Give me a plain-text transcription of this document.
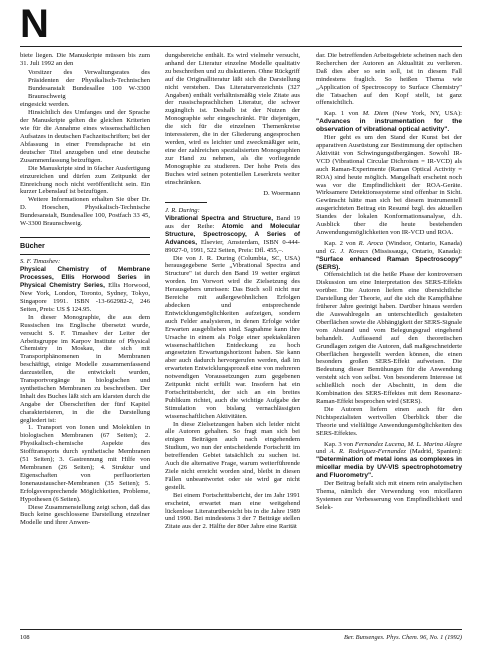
N

biete liegen. Die Manuskripte müssen bis zum 31. Juli 1992 an den

Vorsitzer des Verwaltungsrates des Präsidenten der Physikalisch-Technischen Bundesanstalt Bundesallee 100 W-3300 Braunschweig

eingesickt werden.

Hinsichtlich des Umfanges und der Sprache der Manuskripte gelten die gleichen Kriterien wie für die Annahme eines wissenschaftlichen Aufsatzes in deutschen Fachzeitschriften; bei der Abfassung in einer Fremdsprache ist ein deutscher Titel anzugeben und eine deutsche Zusammenfassung beizufügen.

Die Manuskripte sind in 6facher Ausfertigung einzureichen und dürfen zum Zeitpunkt der Einreichung noch nicht veröffentlicht sein. Ein kurzer Lebenslauf ist beizufügen.

Weitere Informationen erhalten Sie über Dr. D. Hoeschen, Physikalisch-Technische Bundesanstalt, Bundesallee 100, Postfach 33 45, W-3300 Braunschweig.

Bücher

S. F. Timashev:
Physical Chemistry of Membrane Processes, Ellis Horwood Series in Physical Chemistry Series, Ellis Horwood, New York, London, Toronto, Sydney, Tokyo, Singapore 1991. ISBN -13-662982-2, 246 Seiten, Preis: US $ 124.95.

In dieser Monographie, die aus dem Russischen ins Englische übersetzt wurde, versucht S. F. Timashev der Leiter der Arbeitsgruppe im Karpov Institute of Physical Chemistry in Moskau, die sich mit Transportphänomenen in Membranen beschäftigt, einige Modelle zusammenfassend darzustellen, die entwickelt wurden, Transportvorgänge in biologischen und synthetischen Membranen zu beschreiben. Der Inhalt des Buches läßt sich am klarsten durch die Angabe der Überschriften der fünf Kapitel charakterisieren, in die die Darstellung gegliedert ist:

1. Transport von Ionen und Molekülen in biologischen Membranen (67 Seiten); 2. Physikalisch-chemische Aspekte des Stofftransports durch synthetische Membranen (51 Seiten); 3. Gastrennung mit Hilfe von Membranen (26 Seiten); 4. Struktur und Eigenschaften von perfluorierten Ionenaustauscher-Membranen (35 Seiten); 5. Erfolgsversprechende Möglichkeiten, Probleme, Hypothesen (6 Seiten).

Diese Zusammenstellung zeigt schon, daß das Buch keine geschlossene Darstellung einzelner Modelle und ihrer Anwen-

dungsbereiche enthält. Es wird vielmehr versucht, anhand der Literatur einzelne Modelle qualitativ zu beschreiben und zu diskutieren. Ohne Rückgriff auf die Originalliteratur läßt sich die Darstellung nicht verstehen. Das Literaturverzeichnis (327 Angaben) enthält verhältnismäßig viele Zitate aus der russischsprachlichen Literatur, die schwer zugänglich ist. Deshalb ist der Nutzen der Monographie sehr eingeschränkt. Für diejenigen, die sich für die einzelnen Themenkreise interessieren, die in der Gliederung angesprochen werden, wird es leichter und zweckmäßiger sein, eine der zahlreichen spezialisierten Monographien zur Hand zu nehmen, als die vorliegende Monographie zu studieren. Der hohe Preis des Buches wird seinen potentiellen Leserkreis weiter einschränken.

D. Woermann

J. R. During:
Vibrational Spectra and Structure, Band 19 aus der Reihe: Atomic and Molecular Structure, Spectroscopy, A Series of Advances, Elsevier, Amsterdam, ISBN 0-444-89027-0, 1991, 522 Seiten, Preis: Dfl. 455,–.

Die von J. R. During (Columbia, SC, USA) herausgegebene Serie „Vibrational Spectra and Structure" ist durch den Band 19 weiter ergänzt worden. Im Vorwort wird die Zielsetzung des Herausgebers umrissen: Das Buch soll nicht nur Bereiche mit außergewöhnlichen Erfolgen abdecken und entsprechende Entwicklungsmöglichkeiten aufzeigen, sondern auch Felder analysieren, in denen Erfolge wider Erwarten ausgeblieben sind. Sagnahme kann ihre Ursache in einem als Folge einer spektakulären wissenschaftlichen Entdeckung zu hoch angesetzten Erwartungshorizont haben. Sie kann aber auch dadurch hervorgerufen werden, daß im erwarteten Entwicklungsprozeß eine von mehreren notwendigen Voraussetzungen zum gegebenen Zeitpunkt nicht erfüllt war. Insofern hat ein Fortschrittsbericht, der sich an ein breites Publikum richtet, auch die wichtige Aufgabe der Stimulation von bislang vernachlässigten wissenschaftlichen Aktivitäten.

In diese Zielsetzungen haben sich leider nicht alle Autoren gehalten. So fragt man sich bei einigen Beiträgen auch nach eingehendem Studium, wo nun der entscheidende Fortschritt im betreffenden Gebiet tatsächlich zu suchen ist. Auch die alternative Frage, warum weiterführende Ziele nicht erreicht worden sind, bleibt in diesen Fällen unbeantwortet oder sie wird gar nicht gestellt.

Bei einem Fortschrittsbericht, der im Jahr 1991 erscheint, erwartet man eine weitgehend lückenlose Literaturübersicht bis in die Jahre 1989 und 1990. Bei mindestens 3 der 7 Beiträge stellen Zitate aus der 2. Hälfte der 80er Jahre eine Rarität

dar. Die betreffenden Arbeitsgebiete scheinen nach den Recherchen der Autoren an Aktualität zu verlieren. Daß dies aber so sein soll, ist in diesem Fall mindestens fraglich. So heißen Thema wie „Application of Spectroscopy to Surface Chemistry" die Tatsachen auf den Kopf stellt, ist ganz offensichtlich.

Kap. 1 von M. Diem (New York, NY, USA): "Advances in instrumentation for the observation of vibrational optical activity".

Hier geht es um den Stand der Kunst bei der apparativen Ausrüstung zur Bestimmung der optischen Aktivität von Schwingungsübergängen. Sowohl IR-VCD (Vibrational Circular Dichroism = IR-VCD) als auch Raman-Experimente (Raman Optical Activity = ROA) sind heute möglich. Mangelhaft erscheint noch was vor die Empfindlichkeit der ROA-Geräte. Wirksamere Detektionssysteme sind offenbar in Sicht. Gewünscht hätte man sich bei diesem instrumentell ausgerichteten Beitrag ein Resumé bzgl. des aktuellen Standes der lokalen Konformationsanalyse, d.h. Ausblick über die heute bestehenden Anwendungsmöglichkeiten von IR-VCD und ROA.

Kap. 2 von R. Aroca (Windsor, Ontario, Kanada) und G. J. Kovacs (Mississauga, Ontario, Kanada): "Surface enhanced Raman Spectroscopy" (SERS).

Offensichtlich ist die heiße Phase der kontroversen Diskussion um eine Interpretation des SERS-Effekts vorüber. Die Autoren liefern eine übersichtliche Darstellung der Theorie, auf die sich die Kampfhähne früherer Jahre geeinigt haben. Darüber hinaus werden die Auswahlregeln an unterschiedlich gestalteten Oberflächen sowie die Abhängigkeit der SERS-Signale vom Abstand und vom Belegungsgrad eingehend behandelt. Auffassend auf den theoretischen Grundlagen zeigen die Autoren, daß maßgeschneiderte Oberflächen hergestellt werden können, die einen besonders großen SERS-Effekt aufweisen. Die Bedeutung dieser Bemühungen für die Anwendung versteht sich von selbst. Von besonderem Interesse ist schließlich noch der Abschnitt, in dem die Kombination des SERS-Effektes mit dem Resonanz-Raman-Effekt besprochen wird (SERS).

Die Autoren liefern einen auch für den Nichtspezialisten wertvollen Überblick über die Theorie und vielfältige Anwendungsmöglichkeiten des SERS-Effektes.

Kap. 3 von Fernandez Lucena, M. L. Marina Alegre und A. R. Rodriguez-Fernandez (Madrid, Spanien): "Determination of metal ions as complexes in micellar media by UV-VIS spectrophotometry and Fluorometry".

Der Beitrag befaßt sich mit einem rein analytischen Thema, nämlich der Verwendung von micellaren Systemen zur Verbesserung von Empfindlichkeit und Selek-

108	Ber. Bunsenges. Phys. Chem. 96, No. 1 (1992)
